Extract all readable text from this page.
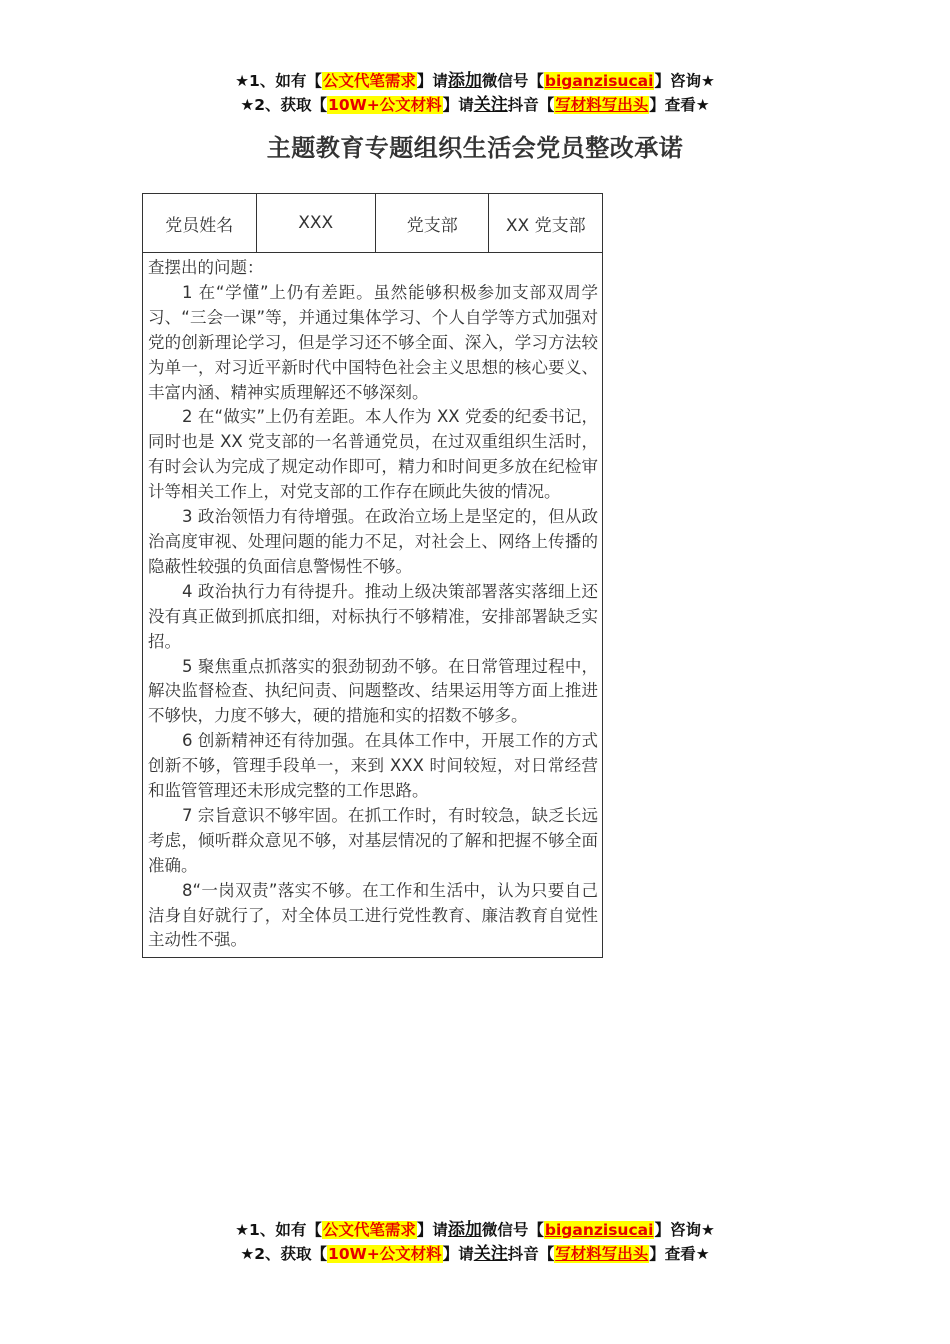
★1、如有【公文代笔需求】请添加微信号【biganzisucai】咨询★
★2、获取【10W+公文材料】请关注抖音【写材料写出头】查看★
主题教育专题组织生活会党员整改承诺
党员姓名	XXX	党支部	XX 党支部

查摆出的问题：

1 在“学懂”上仍有差距。虽然能够积极参加支部双周学习、“三会一课”等，并通过集体学习、个人自学等方式加强对党的创新理论学习，但是学习还不够全面、深入，学习方法较为单一，对习近平新时代中国特色社会主义思想的核心要义、丰富内涵、精神实质理解还不够深刻。

2 在“做实”上仍有差距。本人作为 XX 党委的纪委书记，同时也是 XX 党支部的一名普通党员，在过双重组织生活时，有时会认为完成了规定动作即可，精力和时间更多放在纪检审计等相关工作上，对党支部的工作存在顾此失彼的情况。

3 政治领悟力有待增强。在政治立场上是坚定的，但从政治高度审视、处理问题的能力不足，对社会上、网络上传播的隐蔽性较强的负面信息警惕性不够。

4 政治执行力有待提升。推动上级决策部署落实落细上还没有真正做到抓底扣细，对标执行不够精准，安排部署缺乏实招。

5 聚焦重点抓落实的狠劲韧劲不够。在日常管理过程中，解决监督检查、执纪问责、问题整改、结果运用等方面上推进不够快，力度不够大，硬的措施和实的招数不够多。

6 创新精神还有待加强。在具体工作中，开展工作的方式创新不够，管理手段单一，来到 XXX 时间较短，对日常经营和监管管理还未形成完整的工作思路。

7 宗旨意识不够牢固。在抓工作时，有时较急，缺乏长远考虑，倾听群众意见不够，对基层情况的了解和把握不够全面准确。

8“一岗双责”落实不够。在工作和生活中，认为只要自己洁身自好就行了，对全体员工进行党性教育、廉洁教育自觉性主动性不强。

★1、如有【公文代笔需求】请添加微信号【biganzisucai】咨询★
★2、获取【10W+公文材料】请关注抖音【写材料写出头】查看★
